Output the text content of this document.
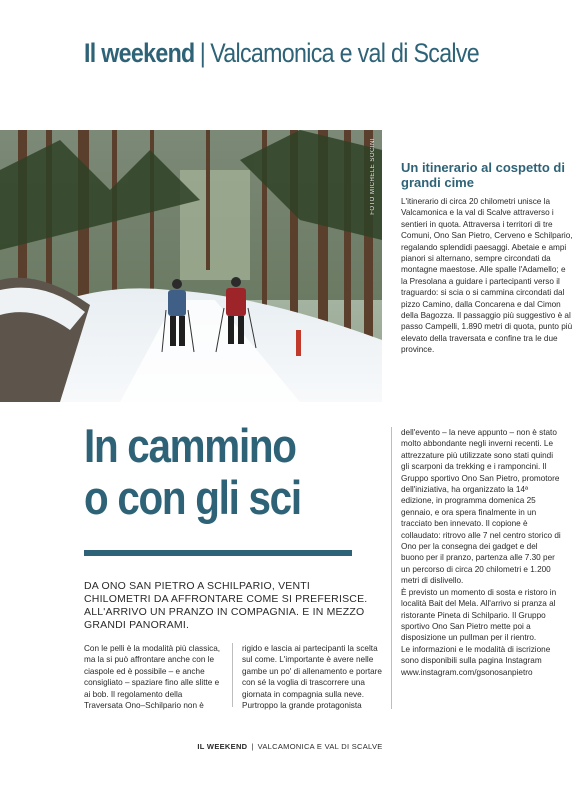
Il weekend | Valcamonica e val di Scalve
FOTO MICHELE SOCINI Un itinerario al cospetto di grandi cime
L'itinerario di circa 20 chilometri unisce la Valcamonica e la val di Scalve attraverso i sentieri in quota. Attraversa i territori di tre Comuni, Ono San Pietro, Cerveno e Schilpario, regalando splendidi paesaggi. Abetaie e ampi pianori si alternano, sempre circondati da montagne maestose. Alle spalle l'Adamello; e la Presolana a guidare i partecipanti verso il traguardo: si scia o si cammina circondati dal pizzo Camino, dalla Concarena e dal Cimon della Bagozza. Il passaggio più suggestivo è al passo Campelli, 1.890 metri di quota, punto più elevato della traversata e confine tra le due province.
In cammino
o con gli sci
DA ONO SAN PIETRO A SCHILPARIO, VENTI CHILOMETRI DA AFFRONTARE COME SI PREFERISCE. ALL'ARRIVO UN PRANZO IN COMPAGNIA. E IN MEZZO GRANDI PANORAMI.
Con le pelli è la modalità più classica, ma la si può affrontare anche con le ciaspole ed è possibile – e anche consigliato – spaziare fino alle slitte e ai bob. Il regolamento della Traversata Ono–Schilpario non è
rigido e lascia ai partecipanti la scelta sul come. L'importante è avere nelle gambe un po' di allenamento e portare con sé la voglia di trascorrere una giornata in compagnia sulla neve. Purtroppo la grande protagonista
dell'evento – la neve appunto – non è stato molto abbondante negli inverni recenti. Le attrezzature più utilizzate sono stati quindi gli scarponi da trekking e i ramponcini. Il Gruppo sportivo Ono San Pietro, promotore dell'iniziativa, ha organizzato la 14ª edizione, in programma domenica 25 gennaio, e ora spera finalmente in un tracciato ben innevato. Il copione è collaudato: ritrovo alle 7 nel centro storico di Ono per la consegna dei gadget e del buono per il pranzo, partenza alle 7.30 per un percorso di circa 20 chilometri e 1.200 metri di dislivello.
È previsto un momento di sosta e ristoro in località Bait del Mela. All'arrivo si pranza al ristorante Pineta di Schilpario. Il Gruppo sportivo Ono San Pietro mette poi a disposizione un pullman per il rientro.
Le informazioni e le modalità di iscrizione sono disponibili sulla pagina Instagram www.instagram.com/gsonosanpietro
IL WEEKEND | VALCAMONICA E VAL DI SCALVE
